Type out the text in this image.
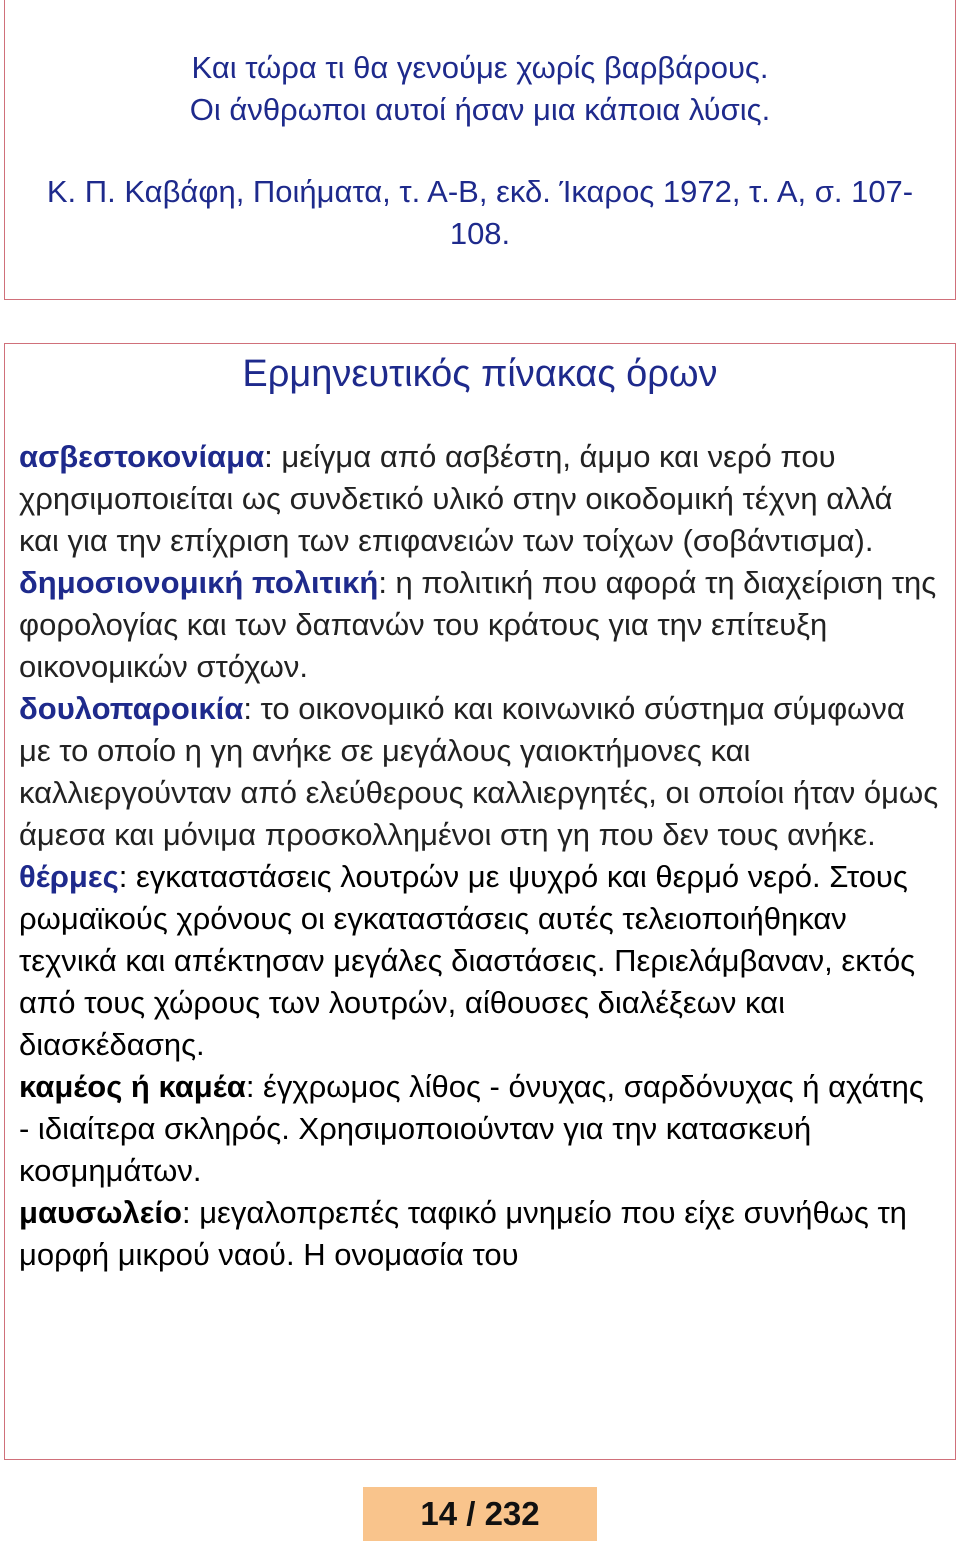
Και τώρα τι θα γενούμε χωρίς βαρβάρους.
Οι άνθρωποι αυτοί ήσαν μια κάποια λύσις.
Κ. Π. Καβάφη, Ποιήματα, τ. Α-Β, εκδ. Ίκαρος 1972, τ. Α, σ. 107-108.
Ερμηνευτικός πίνακας όρων
ασβεστοκονίαμα: μείγμα από ασβέστη, άμμο και νερό που χρησιμοποιείται ως συνδετικό υλικό στην οικοδομική τέχνη αλλά και για την επίχριση των επιφανειών των τοίχων (σοβάντισμα).
δημοσιονομική πολιτική: η πολιτική που αφορά τη διαχείριση της φορολογίας και των δαπανών του κράτους για την επίτευξη οικονομικών στόχων.
δουλοπαροικία: το οικονομικό και κοινωνικό σύστημα σύμφωνα με το οποίο η γη ανήκε σε μεγάλους γαιοκτήμονες και καλλιεργούνταν από ελεύθερους καλλιεργητές, οι οποίοι ήταν όμως άμεσα και μόνιμα προσκολλημένοι στη γη που δεν τους ανήκε.
θέρμες: εγκαταστάσεις λουτρών με ψυχρό και θερμό νερό. Στους ρωμαϊκούς χρόνους οι εγκαταστάσεις αυτές τελειοποιήθηκαν τεχνικά και απέκτησαν μεγάλες διαστάσεις. Περιελάμβαναν, εκτός από τους χώρους των λουτρών, αίθουσες διαλέξεων και διασκέδασης.
καμέος ή καμέα: έγχρωμος λίθος - όνυχας, σαρδόνυχας ή αχάτης - ιδιαίτερα σκληρός. Χρησιμοποιούνταν για την κατασκευή κοσμημάτων.
μαυσωλείο: μεγαλοπρεπές ταφικό μνημείο που είχε συνήθως τη μορφή μικρού ναού. Η ονομασία του
14 / 232
